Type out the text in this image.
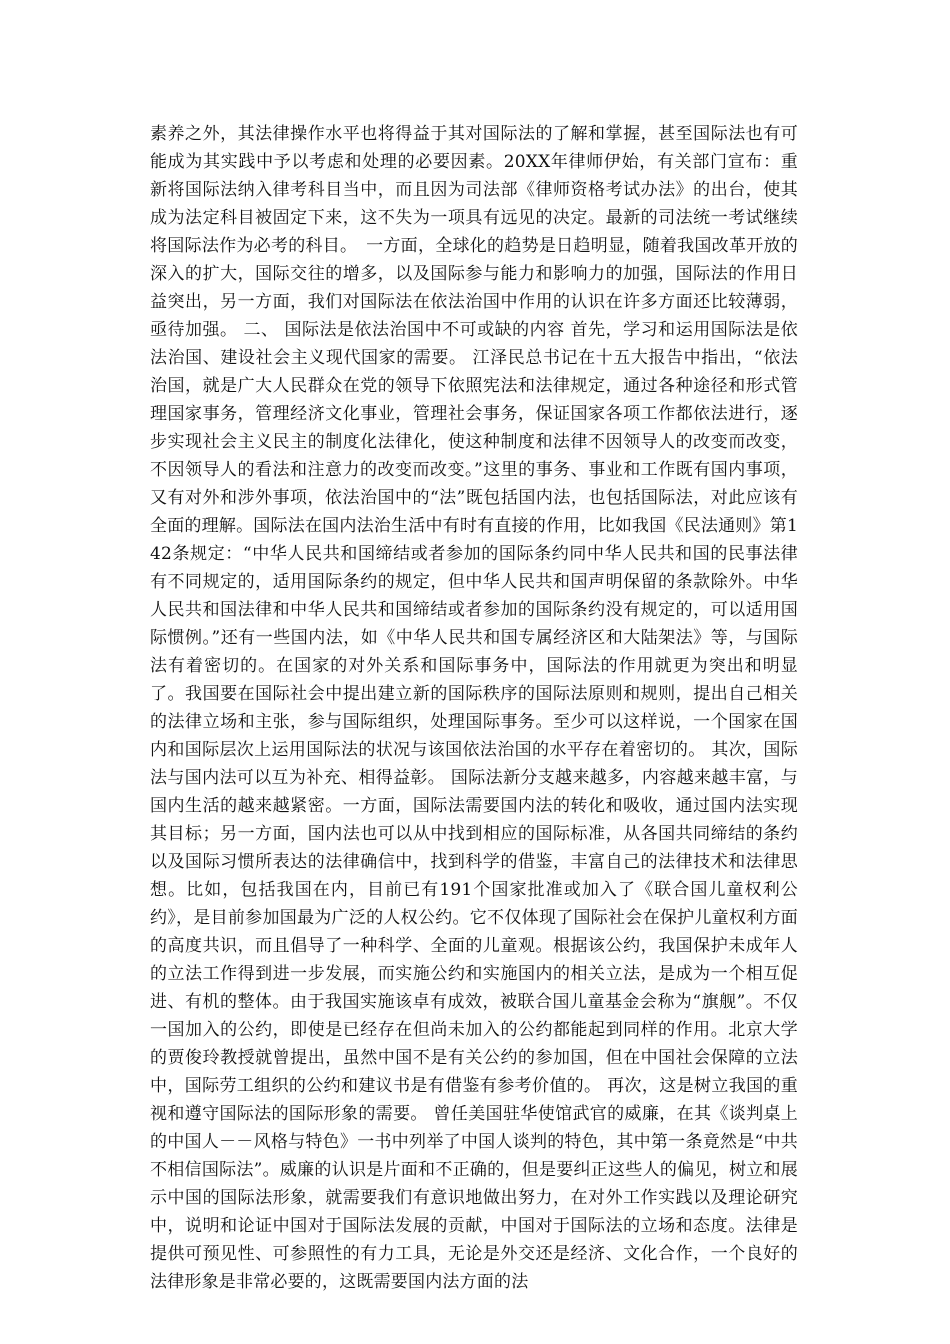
素养之外，其法律操作水平也将得益于其对国际法的了解和掌握，甚至国际法也有可能成为其实践中予以考虑和处理的必要因素。20XX年律师伊始，有关部门宣布：重新将国际法纳入律考科目当中，而且因为司法部《律师资格考试办法》的出台，使其成为法定科目被固定下来，这不失为一项具有远见的决定。最新的司法统一考试继续将国际法作为必考的科目。　一方面，全球化的趋势是日趋明显，随着我国改革开放的深入的扩大，国际交往的增多，以及国际参与能力和影响力的加强，国际法的作用日益突出，另一方面，我们对国际法在依法治国中作用的认识在许多方面还比较薄弱，亟待加强。 二、 国际法是依法治国中不可或缺的内容 首先，学习和运用国际法是依法治国、建设社会主义现代国家的需要。 江泽民总书记在十五大报告中指出，“依法治国，就是广大人民群众在党的领导下依照宪法和法律规定，通过各种途径和形式管理国家事务，管理经济文化事业，管理社会事务，保证国家各项工作都依法进行，逐步实现社会主义民主的制度化法律化，使这种制度和法律不因领导人的改变而改变，不因领导人的看法和注意力的改变而改变。”这里的事务、事业和工作既有国内事项，又有对外和涉外事项，依法治国中的“法”既包括国内法，也包括国际法，对此应该有全面的理解。国际法在国内法治生活中有时有直接的作用，比如我国《民法通则》第142条规定：“中华人民共和国缔结或者参加的国际条约同中华人民共和国的民事法律有不同规定的，适用国际条约的规定，但中华人民共和国声明保留的条款除外。中华人民共和国法律和中华人民共和国缔结或者参加的国际条约没有规定的，可以适用国际惯例。”还有一些国内法，如《中华人民共和国专属经济区和大陆架法》等，与国际法有着密切的。在国家的对外关系和国际事务中，国际法的作用就更为突出和明显了。我国要在国际社会中提出建立新的国际秩序的国际法原则和规则，提出自己相关的法律立场和主张，参与国际组织，处理国际事务。至少可以这样说，一个国家在国内和国际层次上运用国际法的状况与该国依法治国的水平存在着密切的。 其次，国际法与国内法可以互为补充、相得益彰。 国际法新分支越来越多，内容越来越丰富，与国内生活的越来越紧密。一方面，国际法需要国内法的转化和吸收，通过国内法实现其目标；另一方面，国内法也可以从中找到相应的国际标准，从各国共同缔结的条约以及国际习惯所表达的法律确信中，找到科学的借鉴，丰富自己的法律技术和法律思想。比如，包括我国在内，目前已有191个国家批准或加入了《联合国儿童权利公约》，是目前参加国最为广泛的人权公约。它不仅体现了国际社会在保护儿童权利方面的高度共识，而且倡导了一种科学、全面的儿童观。根据该公约，我国保护未成年人的立法工作得到进一步发展，而实施公约和实施国内的相关立法，是成为一个相互促进、有机的整体。由于我国实施该卓有成效，被联合国儿童基金会称为“旗舰”。不仅一国加入的公约，即使是已经存在但尚未加入的公约都能起到同样的作用。北京大学的贾俊玲教授就曾提出，虽然中国不是有关公约的参加国，但在中国社会保障的立法中，国际劳工组织的公约和建议书是有借鉴有参考价值的。 再次，这是树立我国的重视和遵守国际法的国际形象的需要。 曾任美国驻华使馆武官的威廉，在其《谈判桌上的中国人－－风格与特色》一书中列举了中国人谈判的特色，其中第一条竟然是“中共不相信国际法”。威廉的认识是片面和不正确的，但是要纠正这些人的偏见，树立和展示中国的国际法形象，就需要我们有意识地做出努力，在对外工作实践以及理论研究中，说明和论证中国对于国际法发展的贡献，中国对于国际法的立场和态度。法律是提供可预见性、可参照性的有力工具，无论是外交还是经济、文化合作，一个良好的法律形象是非常必要的，这既需要国内法方面的法
